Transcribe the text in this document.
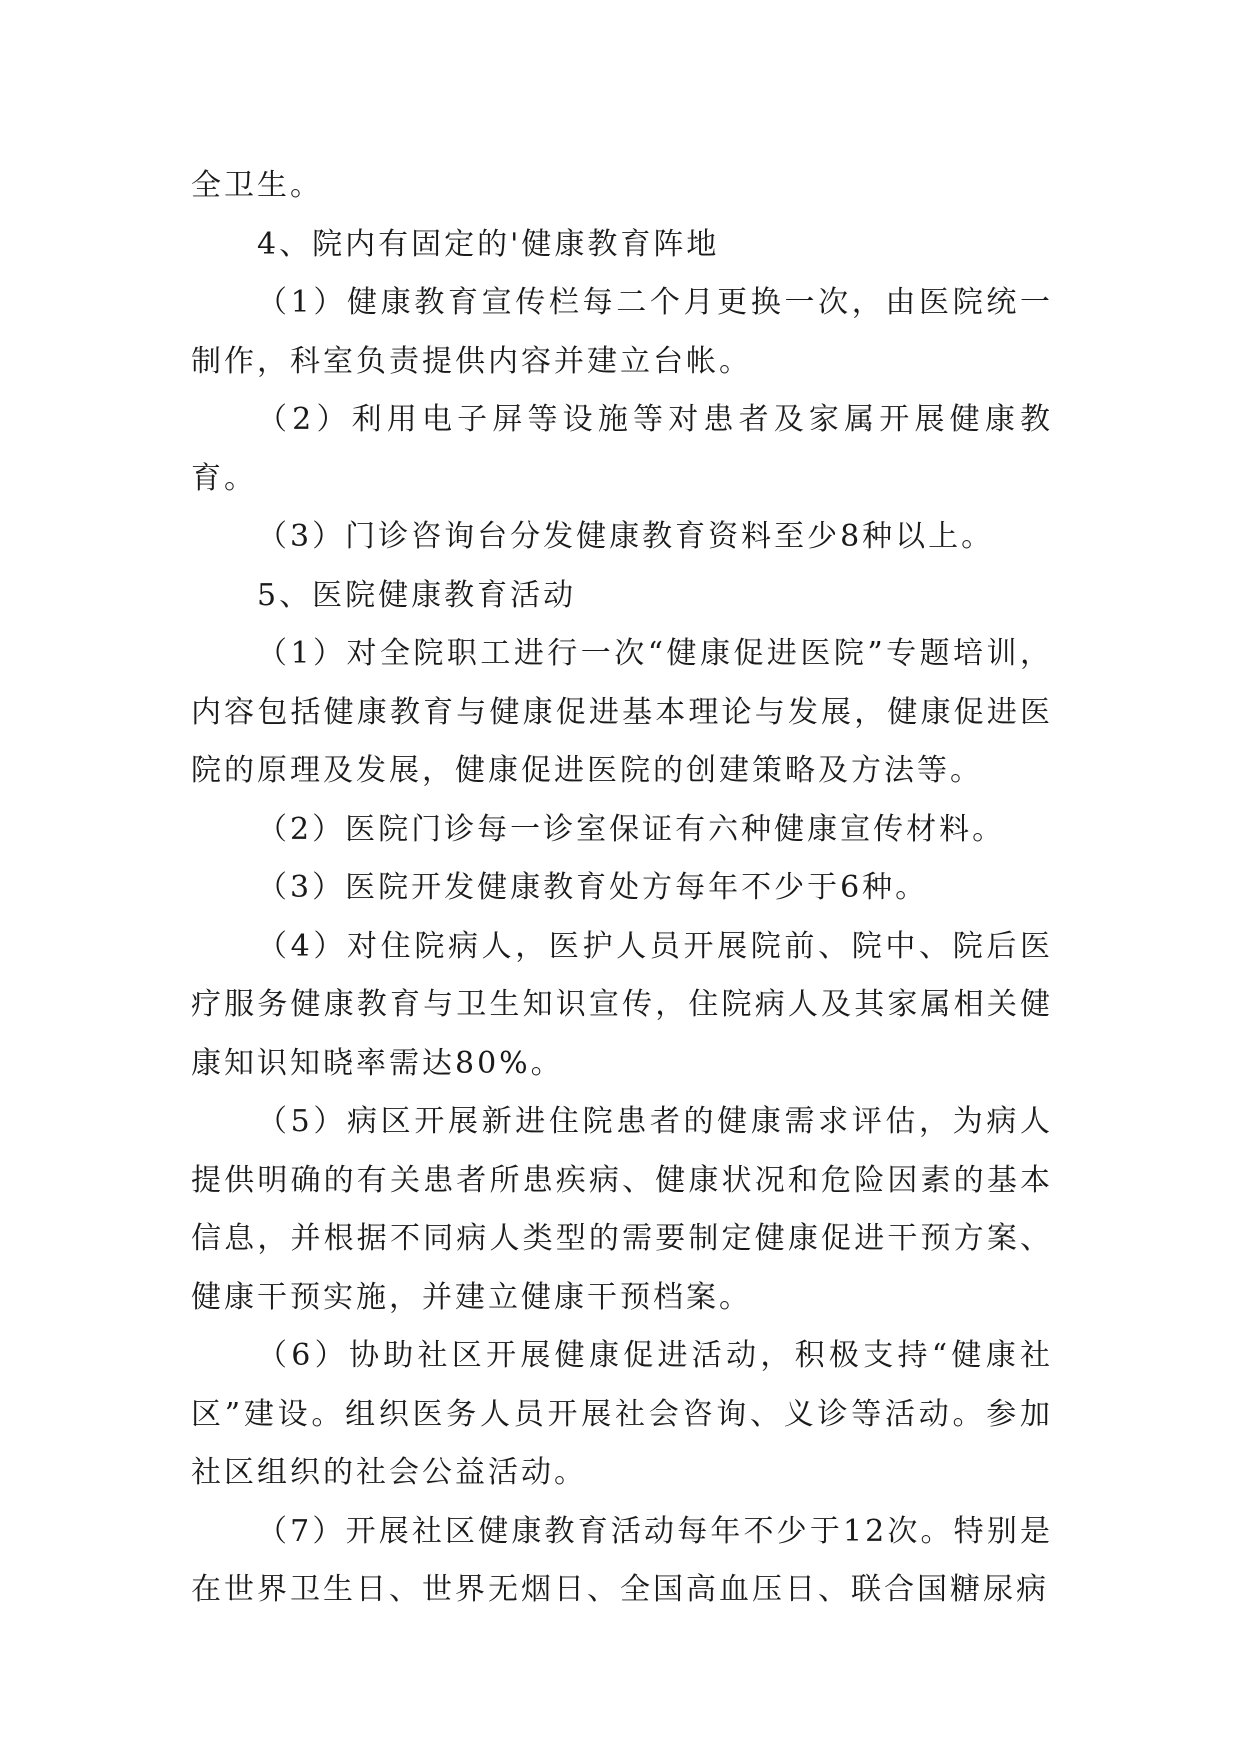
全卫生。

4、院内有固定的'健康教育阵地

（1）健康教育宣传栏每二个月更换一次，由医院统一制作，科室负责提供内容并建立台帐。

（2）利用电子屏等设施等对患者及家属开展健康教育。

（3）门诊咨询台分发健康教育资料至少8种以上。

5、医院健康教育活动

（1）对全院职工进行一次“健康促进医院”专题培训，内容包括健康教育与健康促进基本理论与发展，健康促进医院的原理及发展，健康促进医院的创建策略及方法等。

（2）医院门诊每一诊室保证有六种健康宣传材料。

（3）医院开发健康教育处方每年不少于6种。

（4）对住院病人，医护人员开展院前、院中、院后医疗服务健康教育与卫生知识宣传，住院病人及其家属相关健康知识知晓率需达80%。

（5）病区开展新进住院患者的健康需求评估，为病人提供明确的有关患者所患疾病、健康状况和危险因素的基本信息，并根据不同病人类型的需要制定健康促进干预方案、健康干预实施，并建立健康干预档案。

（6）协助社区开展健康促进活动，积极支持“健康社区”建设。组织医务人员开展社会咨询、义诊等活动。参加社区组织的社会公益活动。

（7）开展社区健康教育活动每年不少于12次。特别是在世界卫生日、世界无烟日、全国高血压日、联合国糖尿病
